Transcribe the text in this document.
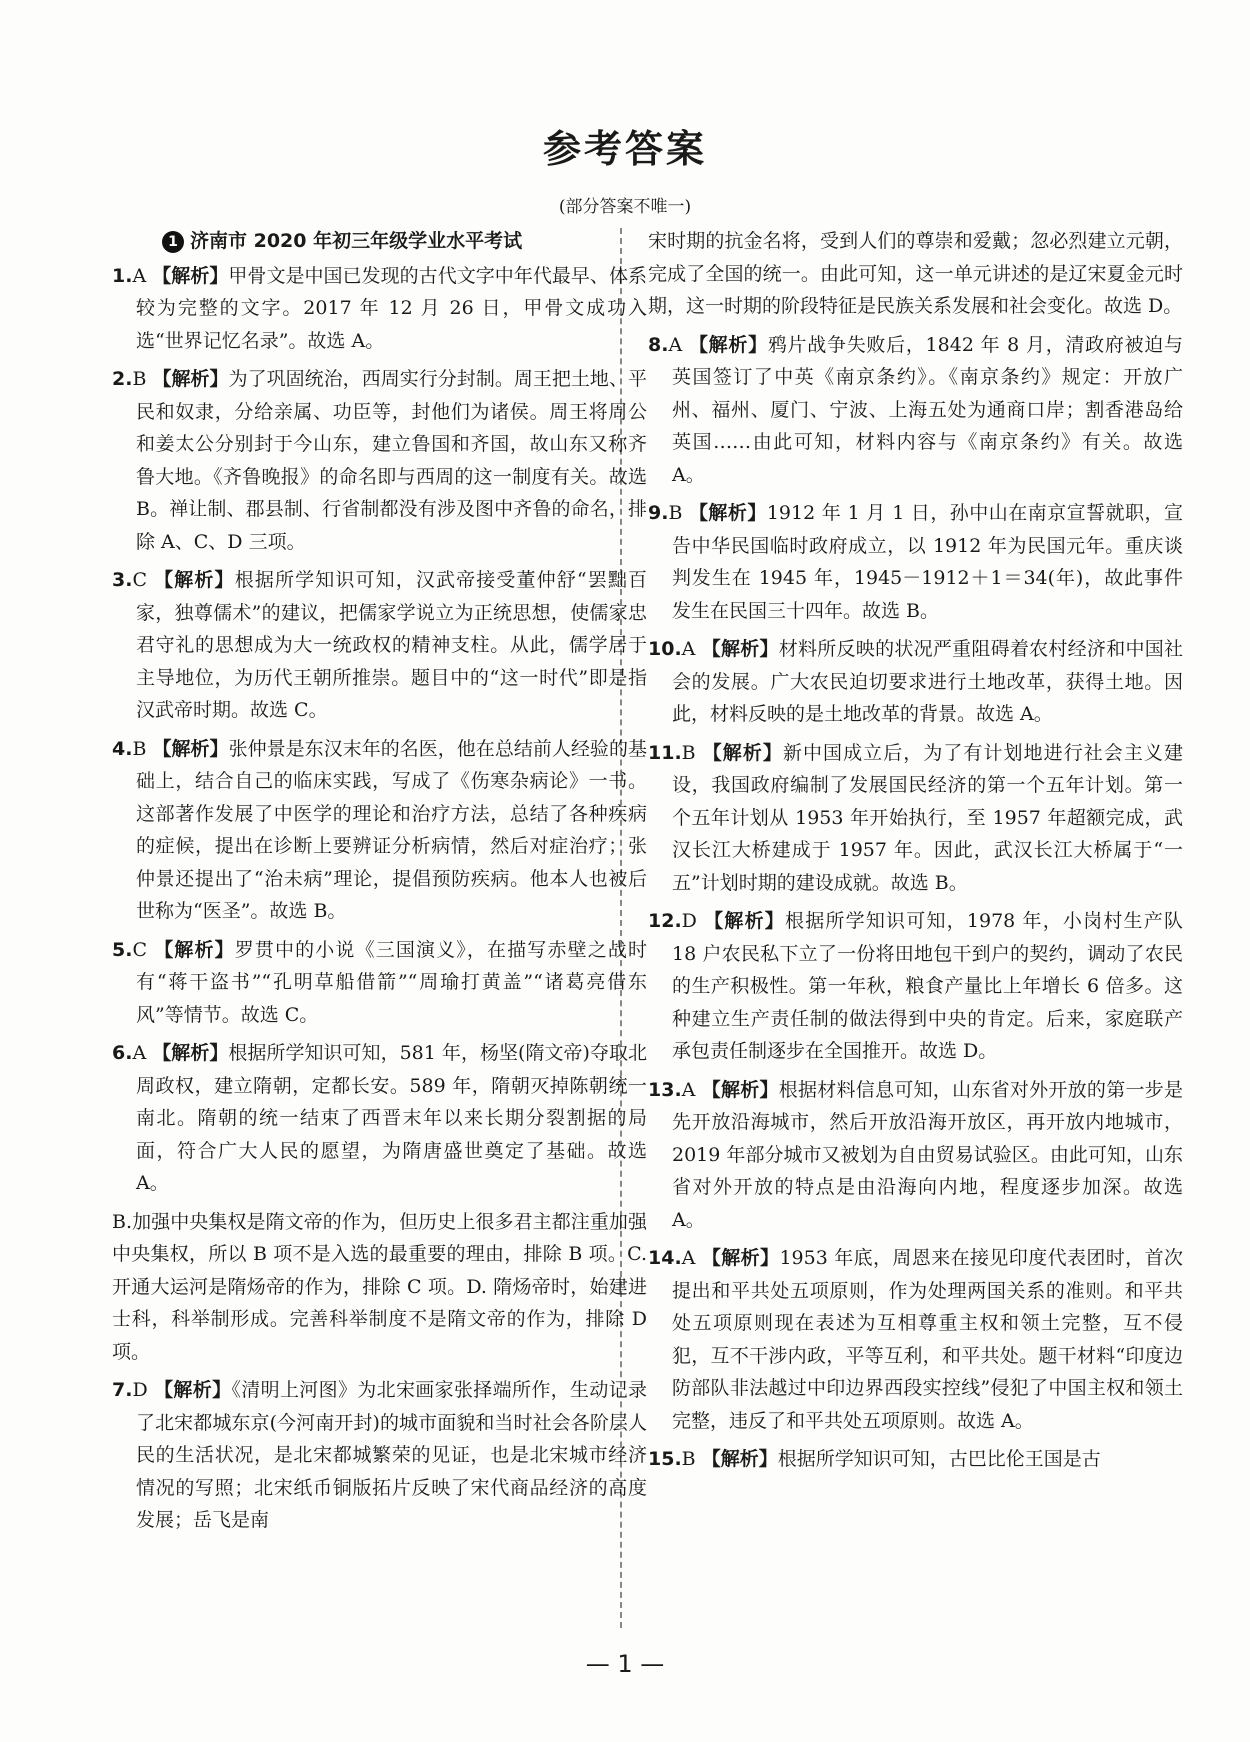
参考答案
(部分答案不唯一)
1 济南市 2020 年初三年级学业水平考试
1.A 【解析】甲骨文是中国已发现的古代文字中年代最早、体系较为完整的文字。2017 年 12 月 26 日，甲骨文成功入选“世界记忆名录”。故选 A。
2.B 【解析】为了巩固统治，西周实行分封制。周王把土地、平民和奴隶，分给亲属、功臣等，封他们为诸侯。周王将周公和姜太公分别封于今山东，建立鲁国和齐国，故山东又称齐鲁大地。《齐鲁晚报》的命名即与西周的这一制度有关。故选 B。禅让制、郡县制、行省制都没有涉及图中齐鲁的命名，排除 A、C、D 三项。
3.C 【解析】根据所学知识可知，汉武帝接受董仲舒“罢黜百家，独尊儒术”的建议，把儒家学说立为正统思想，使儒家忠君守礼的思想成为大一统政权的精神支柱。从此，儒学居于主导地位，为历代王朝所推崇。题目中的“这一时代”即是指汉武帝时期。故选 C。
4.B 【解析】张仲景是东汉末年的名医，他在总结前人经验的基础上，结合自己的临床实践，写成了《伤寒杂病论》一书。这部著作发展了中医学的理论和治疗方法，总结了各种疾病的症候，提出在诊断上要辨证分析病情，然后对症治疗；张仲景还提出了“治未病”理论，提倡预防疾病。他本人也被后世称为“医圣”。故选 B。
5.C 【解析】罗贯中的小说《三国演义》，在描写赤壁之战时有“蒋干盗书”“孔明草船借箭”“周瑜打黄盖”“诸葛亮借东风”等情节。故选 C。
6.A 【解析】根据所学知识可知，581 年，杨坚(隋文帝)夺取北周政权，建立隋朝，定都长安。589 年，隋朝灭掉陈朝统一南北。隋朝的统一结束了西晋末年以来长期分裂割据的局面，符合广大人民的愿望，为隋唐盛世奠定了基础。故选 A。
B.加强中央集权是隋文帝的作为，但历史上很多君主都注重加强中央集权，所以 B 项不是入选的最重要的理由，排除 B 项。C. 开通大运河是隋炀帝的作为，排除 C 项。D. 隋炀帝时，始建进士科，科举制形成。完善科举制度不是隋文帝的作为，排除 D 项。
7.D 【解析】《清明上河图》为北宋画家张择端所作，生动记录了北宋都城东京(今河南开封)的城市面貌和当时社会各阶层人民的生活状况，是北宋都城繁荣的见证，也是北宋城市经济情况的写照；北宋纸币铜版拓片反映了宋代商品经济的高度发展；岳飞是南
宋时期的抗金名将，受到人们的尊崇和爱戴；忽必烈建立元朝，完成了全国的统一。由此可知，这一单元讲述的是辽宋夏金元时期，这一时期的阶段特征是民族关系发展和社会变化。故选 D。
8.A 【解析】鸦片战争失败后，1842 年 8 月，清政府被迫与英国签订了中英《南京条约》。《南京条约》规定：开放广州、福州、厦门、宁波、上海五处为通商口岸；割香港岛给英国……由此可知，材料内容与《南京条约》有关。故选 A。
9.B 【解析】1912 年 1 月 1 日，孙中山在南京宣誓就职，宣告中华民国临时政府成立，以 1912 年为民国元年。重庆谈判发生在 1945 年，1945－1912＋1＝34(年)，故此事件发生在民国三十四年。故选 B。
10.A 【解析】材料所反映的状况严重阻碍着农村经济和中国社会的发展。广大农民迫切要求进行土地改革，获得土地。因此，材料反映的是土地改革的背景。故选 A。
11.B 【解析】新中国成立后，为了有计划地进行社会主义建设，我国政府编制了发展国民经济的第一个五年计划。第一个五年计划从 1953 年开始执行，至 1957 年超额完成，武汉长江大桥建成于 1957 年。因此，武汉长江大桥属于“一五”计划时期的建设成就。故选 B。
12.D 【解析】根据所学知识可知，1978 年，小岗村生产队 18 户农民私下立了一份将田地包干到户的契约，调动了农民的生产积极性。第一年秋，粮食产量比上年增长 6 倍多。这种建立生产责任制的做法得到中央的肯定。后来，家庭联产承包责任制逐步在全国推开。故选 D。
13.A 【解析】根据材料信息可知，山东省对外开放的第一步是先开放沿海城市，然后开放沿海开放区，再开放内地城市，2019 年部分城市又被划为自由贸易试验区。由此可知，山东省对外开放的特点是由沿海向内地，程度逐步加深。故选 A。
14.A 【解析】1953 年底，周恩来在接见印度代表团时，首次提出和平共处五项原则，作为处理两国关系的准则。和平共处五项原则现在表述为互相尊重主权和领土完整，互不侵犯，互不干涉内政，平等互利，和平共处。题干材料“印度边防部队非法越过中印边界西段实控线”侵犯了中国主权和领土完整，违反了和平共处五项原则。故选 A。
15.B 【解析】根据所学知识可知，古巴比伦王国是古
— 1 —
